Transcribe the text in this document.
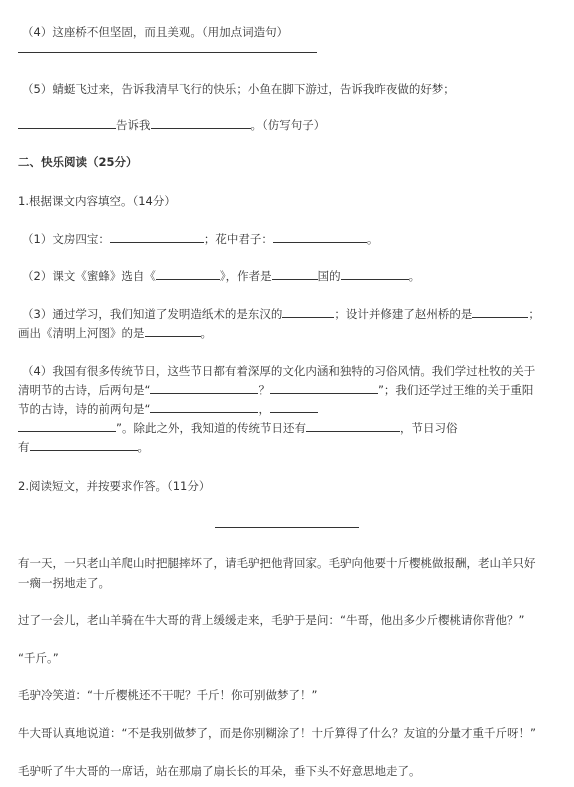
（4）这座桥不但坚固，而且美观。（用加点词造句）
（5）蜻蜓飞过来，告诉我清早飞行的快乐；小鱼在脚下游过，告诉我昨夜做的好梦；
告诉我	。（仿写句子）
二、快乐阅读（25分）
1.根据课文内容填空。（14分）
（1）文房四宝：	；花中君子：	。
（2）课文《蜜蜂》选自《	》，作者是	国的	。
（3）通过学习，我们知道了发明造纸术的是东汉的	；设计并修建了赵州桥的是	；
画出《清明上河图》的是	。
（4）我国有很多传统节日，这些节日都有着深厚的文化内涵和独特的习俗风情。我们学过杜牧的关于
清明节的古诗，后两句是“	？	”；我们还学过王维的关于重阳
节的古诗，诗的前两句是“	，
”。除此之外，我知道的传统节日还有	，节日习俗
有	。
2.阅读短文，并按要求作答。（11分）
有一天，一只老山羊爬山时把腿摔坏了，请毛驴把他背回家。毛驴向他要十斤樱桃做报酬，老山羊只好
一瘸一拐地走了。
过了一会儿，老山羊骑在牛大哥的背上缓缓走来，毛驴于是问：“牛哥，他出多少斤樱桃请你背他？”
“千斤。”
毛驴冷笑道：“十斤樱桃还不干呢？千斤！你可别做梦了！”
牛大哥认真地说道：“不是我别做梦了，而是你别糊涂了！十斤算得了什么？友谊的分量才重千斤呀！”
毛驴听了牛大哥的一席话，站在那扇了扇长长的耳朵，垂下头不好意思地走了。
